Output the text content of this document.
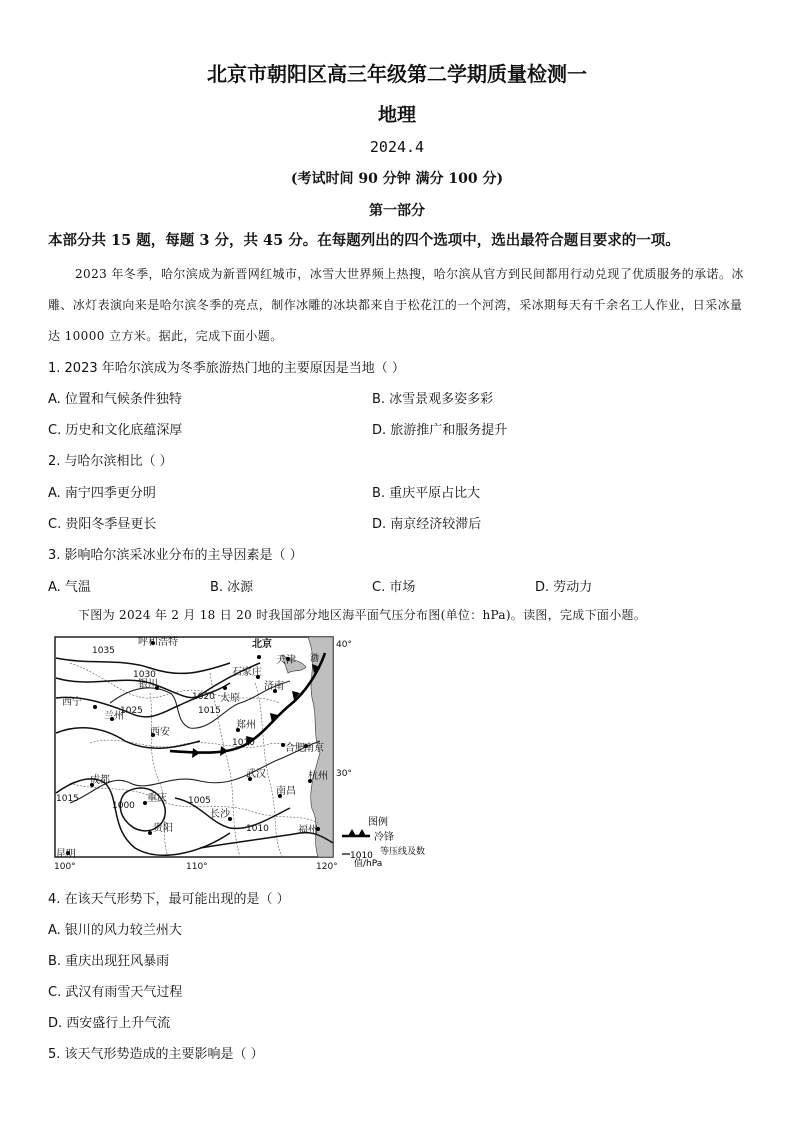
北京市朝阳区高三年级第二学期质量检测一
地理
2024.4
(考试时间 90 分钟 满分 100 分)
第一部分
本部分共 15 题，每题 3 分，共 45 分。在每题列出的四个选项中，选出最符合题目要求的一项。
2023 年冬季，哈尔滨成为新晋网红城市，冰雪大世界频上热搜，哈尔滨从官方到民间都用行动兑现了优质服务的承诺。冰雕、冰灯表演向来是哈尔滨冬季的亮点，制作冰雕的冰块都来自于松花江的一个河湾，采冰期每天有千余名工人作业，日采冰量达 10000 立方米。据此，完成下面小题。
1. 2023 年哈尔滨成为冬季旅游热门地的主要原因是当地（ ）
A. 位置和气候条件独特	B. 冰雪景观多姿多彩
C. 历史和文化底蕴深厚	D. 旅游推广和服务提升
2. 与哈尔滨相比（ ）
A. 南宁四季更分明	B. 重庆平原占比大
C. 贵阳冬季昼更长	D. 南京经济较滞后
3. 影响哈尔滨采冰业分布的主导因素是（ ）
A. 气温	B. 冰源	C. 市场	D. 劳动力
下图为 2024 年 2 月 18 日 20 时我国部分地区海平面气压分布图(单位：hPa)。读图，完成下面小题。
呼和浩特	北京
天津
石家庄
银川
太原
济南
西宁
兰州
西安
郑州
合肥 南京
成都
重庆
武汉	杭州
长沙
南昌
贵阳	福州
昆明
1035
1030
1025
1020
1015
1010
1005
1000
1015
1010
渤
40°
30°
100°	110°	120°
图例
冷锋
1010 等压线及数值/hPa
4. 在该天气形势下，最可能出现的是（ ）
A. 银川的风力较兰州大
B. 重庆出现狂风暴雨
C. 武汉有雨雪天气过程
D. 西安盛行上升气流
5. 该天气形势造成的主要影响是（ ）
